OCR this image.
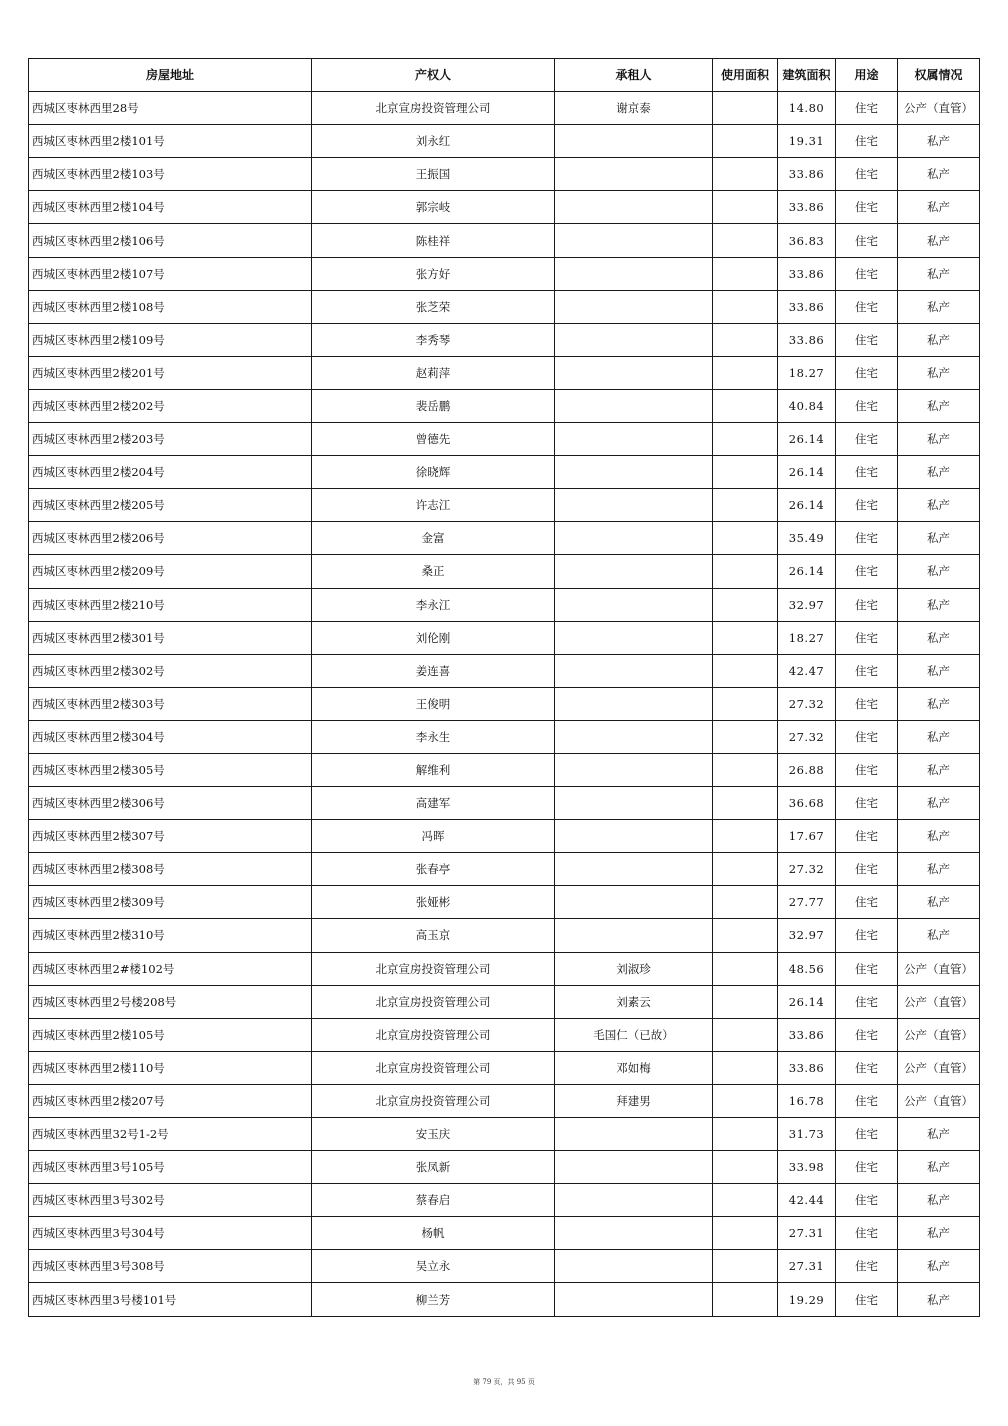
房屋地址	产权人	承租人	使用面积	建筑面积	用途	权属情况
西城区枣林西里28号	北京宣房投资管理公司	谢京泰		14.80	住宅	公产（直管）
西城区枣林西里2楼101号	刘永红			19.31	住宅	私产
西城区枣林西里2楼103号	王振国			33.86	住宅	私产
西城区枣林西里2楼104号	郭宗岐			33.86	住宅	私产
西城区枣林西里2楼106号	陈桂祥			36.83	住宅	私产
西城区枣林西里2楼107号	张方好			33.86	住宅	私产
西城区枣林西里2楼108号	张芝荣			33.86	住宅	私产
西城区枣林西里2楼109号	李秀琴			33.86	住宅	私产
西城区枣林西里2楼201号	赵莉萍			18.27	住宅	私产
西城区枣林西里2楼202号	裴岳鹏			40.84	住宅	私产
西城区枣林西里2楼203号	曾德先			26.14	住宅	私产
西城区枣林西里2楼204号	徐晓辉			26.14	住宅	私产
西城区枣林西里2楼205号	许志江			26.14	住宅	私产
西城区枣林西里2楼206号	金富			35.49	住宅	私产
西城区枣林西里2楼209号	桑正			26.14	住宅	私产
西城区枣林西里2楼210号	李永江			32.97	住宅	私产
西城区枣林西里2楼301号	刘伦刚			18.27	住宅	私产
西城区枣林西里2楼302号	姜连喜			42.47	住宅	私产
西城区枣林西里2楼303号	王俊明			27.32	住宅	私产
西城区枣林西里2楼304号	李永生			27.32	住宅	私产
西城区枣林西里2楼305号	解维利			26.88	住宅	私产
西城区枣林西里2楼306号	高建军			36.68	住宅	私产
西城区枣林西里2楼307号	冯晖			17.67	住宅	私产
西城区枣林西里2楼308号	张春亭			27.32	住宅	私产
西城区枣林西里2楼309号	张娅彬			27.77	住宅	私产
西城区枣林西里2楼310号	高玉京			32.97	住宅	私产
西城区枣林西里2#楼102号	北京宣房投资管理公司	刘淑珍		48.56	住宅	公产（直管）
西城区枣林西里2号楼208号	北京宣房投资管理公司	刘素云		26.14	住宅	公产（直管）
西城区枣林西里2楼105号	北京宣房投资管理公司	毛国仁（已故）		33.86	住宅	公产（直管）
西城区枣林西里2楼110号	北京宣房投资管理公司	邓如梅		33.86	住宅	公产（直管）
西城区枣林西里2楼207号	北京宣房投资管理公司	拜建男		16.78	住宅	公产（直管）
西城区枣林西里32号1-2号	安玉庆			31.73	住宅	私产
西城区枣林西里3号105号	张凤新			33.98	住宅	私产
西城区枣林西里3号302号	蔡春启			42.44	住宅	私产
西城区枣林西里3号304号	杨帆			27.31	住宅	私产
西城区枣林西里3号308号	吴立永			27.31	住宅	私产
西城区枣林西里3号楼101号	柳兰芳			19.29	住宅	私产
第 79 页，共 95 页
